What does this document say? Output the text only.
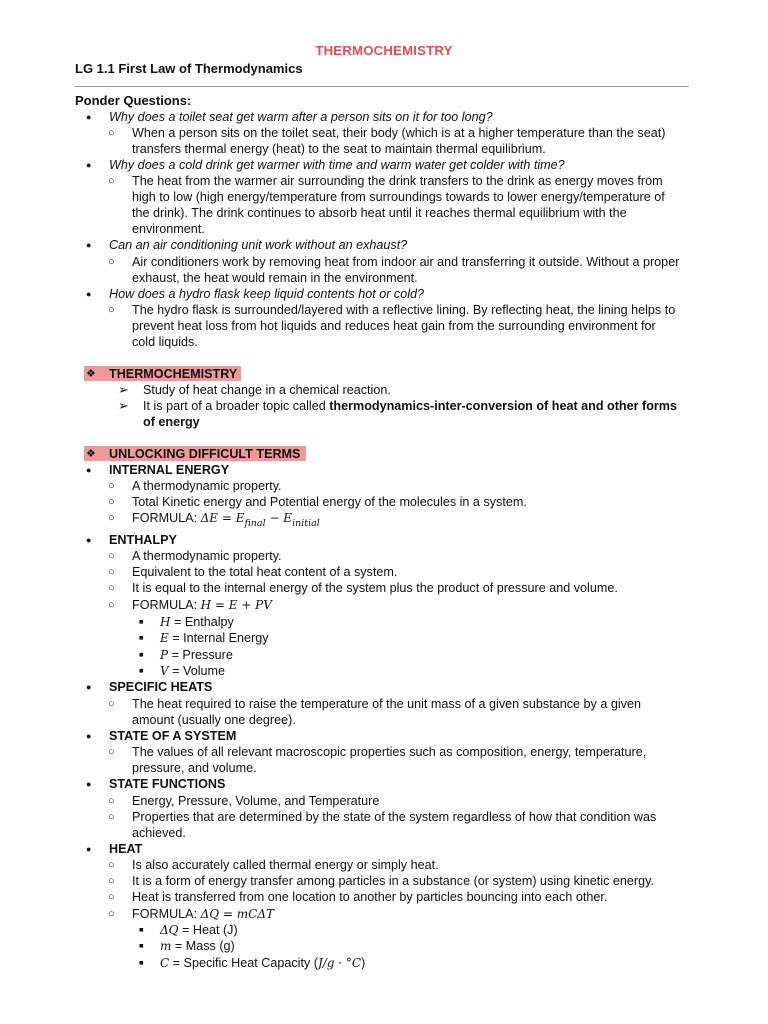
THERMOCHEMISTRY
LG 1.1 First Law of Thermodynamics
Ponder Questions:
● Why does a toilet seat get warm after a person sits on it for too long?
○ When a person sits on the toilet seat, their body (which is at a higher temperature than the seat)
transfers thermal energy (heat) to the seat to maintain thermal equilibrium.
● Why does a cold drink get warmer with time and warm water get colder with time?
○ The heat from the warmer air surrounding the drink transfers to the drink as energy moves from
high to low (high energy/temperature from surroundings towards to lower energy/temperature of
the drink). The drink continues to absorb heat until it reaches thermal equilibrium with the
environment.
● Can an air conditioning unit work without an exhaust?
○ Air conditioners work by removing heat from indoor air and transferring it outside. Without a proper
exhaust, the heat would remain in the environment.
● How does a hydro flask keep liquid contents hot or cold?
○ The hydro flask is surrounded/layered with a reflective lining. By reflecting heat, the lining helps to
prevent heat loss from hot liquids and reduces heat gain from the surrounding environment for
cold liquids.
❖ THERMOCHEMISTRY
➢ Study of heat change in a chemical reaction.
➢ It is part of a broader topic called thermodynamics-inter-conversion of heat and other forms
of energy
❖ UNLOCKING DIFFICULT TERMS
● INTERNAL ENERGY
○ A thermodynamic property.
○ Total Kinetic energy and Potential energy of the molecules in a system.
○ FORMULA: $\Delta E = E_{final} - E_{initial}$
● ENTHALPY
○ A thermodynamic property.
○ Equivalent to the total heat content of a system.
○ It is equal to the internal energy of the system plus the product of pressure and volume.
○ FORMULA: H = E + PV
■ H = Enthalpy
■ E = Internal Energy
■ P = Pressure
■ V = Volume
● SPECIFIC HEATS
○ The heat required to raise the temperature of the unit mass of a given substance by a given
amount (usually one degree).
● STATE OF A SYSTEM
○ The values of all relevant macroscopic properties such as composition, energy, temperature,
pressure, and volume.
● STATE FUNCTIONS
○ Energy, Pressure, Volume, and Temperature
○ Properties that are determined by the state of the system regardless of how that condition was
achieved.
● HEAT
○ Is also accurately called thermal energy or simply heat.
○ It is a form of energy transfer among particles in a substance (or system) using kinetic energy.
○ Heat is transferred from one location to another by particles bouncing into each other.
○ FORMULA: ΔQ = mCΔT
■ ΔQ = Heat (J)
■ m = Mass (g)
■ C = Specific Heat Capacity (J/g · °C)
